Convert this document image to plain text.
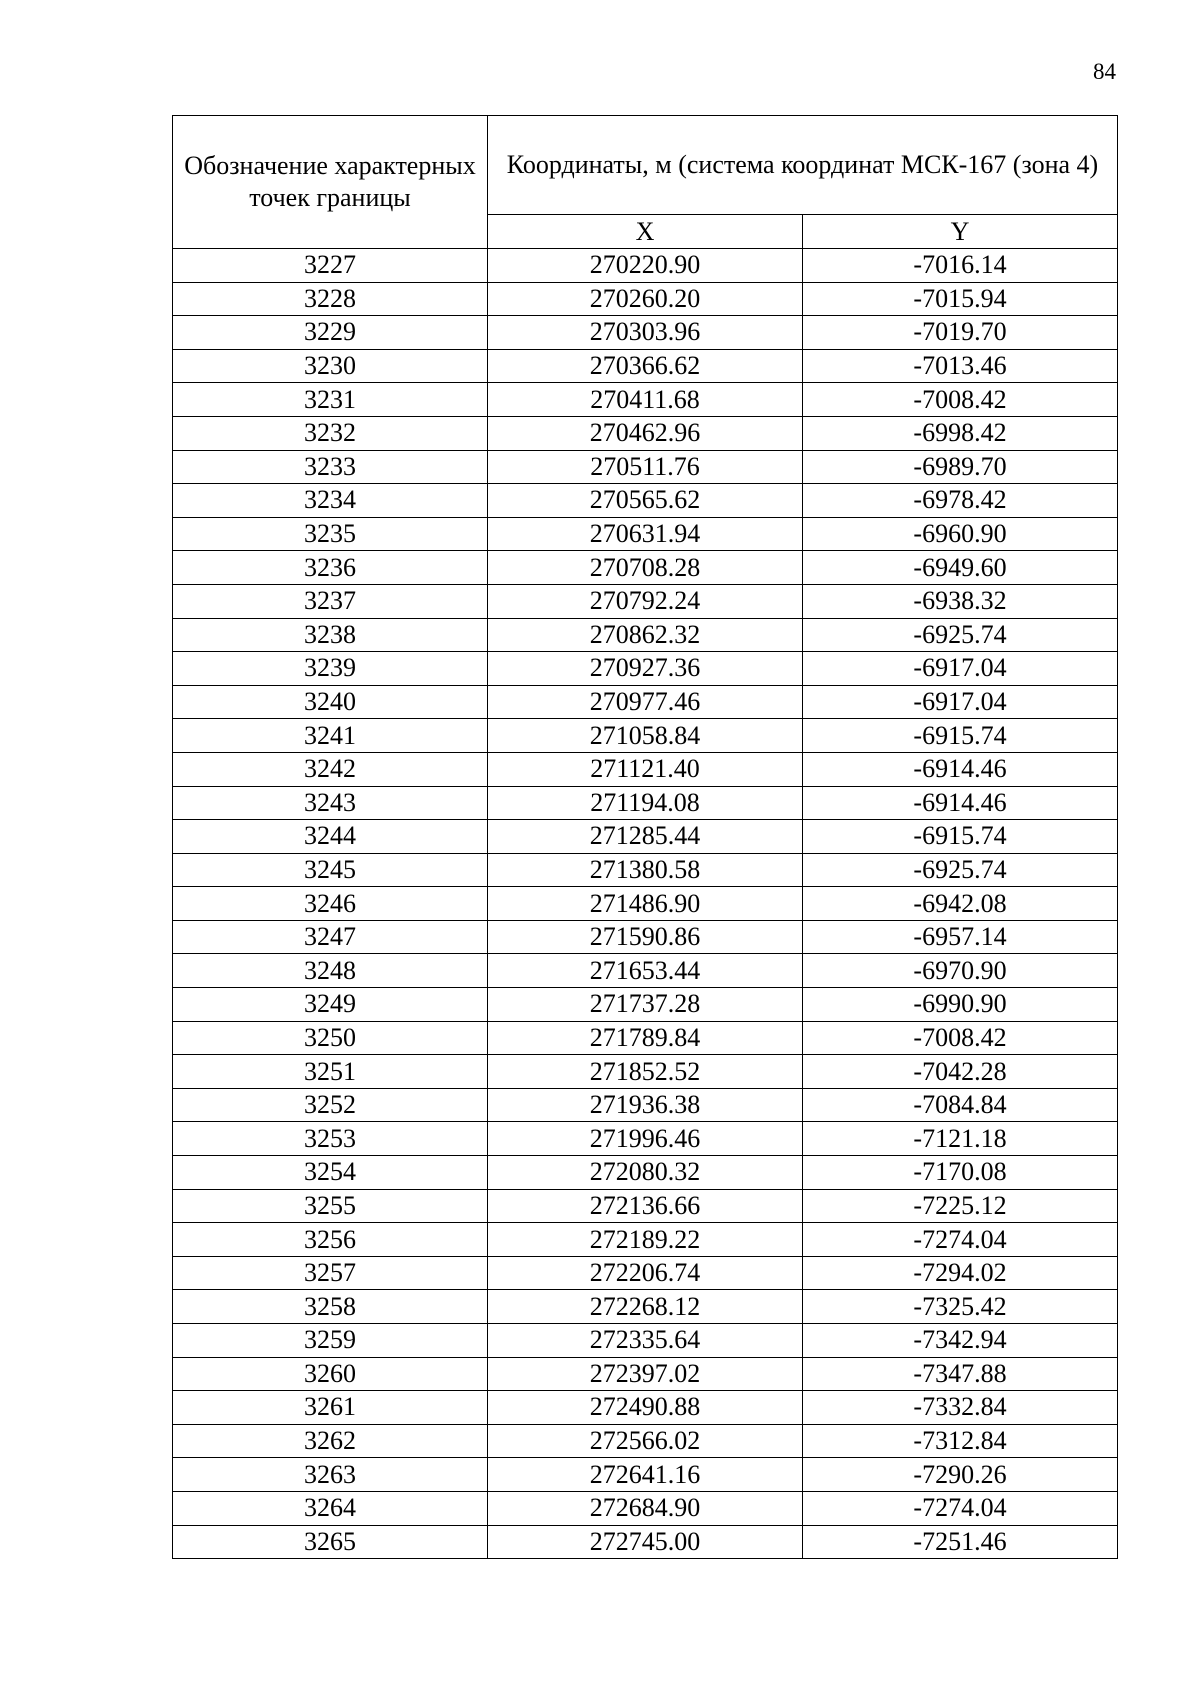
84
Обозначение характерных точек границы	Координаты, м (система координат МСК-167 (зона 4)	
	X	Y
3227	270220.90	-7016.14
3228	270260.20	-7015.94
3229	270303.96	-7019.70
3230	270366.62	-7013.46
3231	270411.68	-7008.42
3232	270462.96	-6998.42
3233	270511.76	-6989.70
3234	270565.62	-6978.42
3235	270631.94	-6960.90
3236	270708.28	-6949.60
3237	270792.24	-6938.32
3238	270862.32	-6925.74
3239	270927.36	-6917.04
3240	270977.46	-6917.04
3241	271058.84	-6915.74
3242	271121.40	-6914.46
3243	271194.08	-6914.46
3244	271285.44	-6915.74
3245	271380.58	-6925.74
3246	271486.90	-6942.08
3247	271590.86	-6957.14
3248	271653.44	-6970.90
3249	271737.28	-6990.90
3250	271789.84	-7008.42
3251	271852.52	-7042.28
3252	271936.38	-7084.84
3253	271996.46	-7121.18
3254	272080.32	-7170.08
3255	272136.66	-7225.12
3256	272189.22	-7274.04
3257	272206.74	-7294.02
3258	272268.12	-7325.42
3259	272335.64	-7342.94
3260	272397.02	-7347.88
3261	272490.88	-7332.84
3262	272566.02	-7312.84
3263	272641.16	-7290.26
3264	272684.90	-7274.04
3265	272745.00	-7251.46
